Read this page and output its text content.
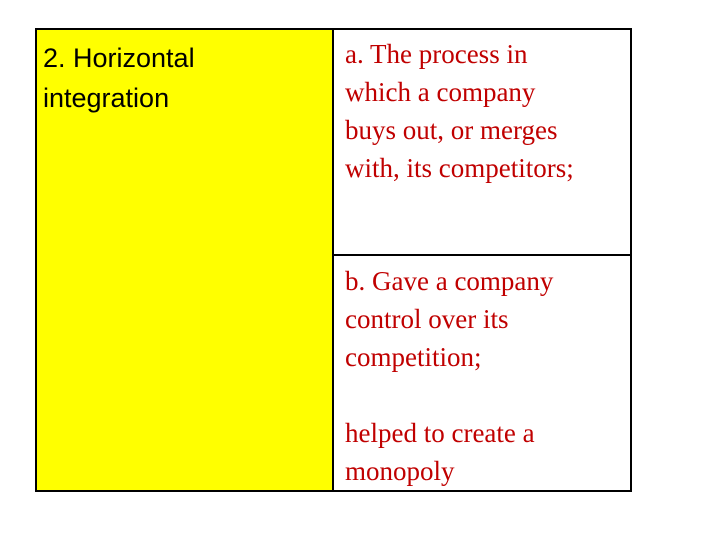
2. Horizontal
integration
a. The process in
which a company
buys out, or merges
with, its competitors;
b. Gave a company
control over its
competition;
helped to create a
monopoly
